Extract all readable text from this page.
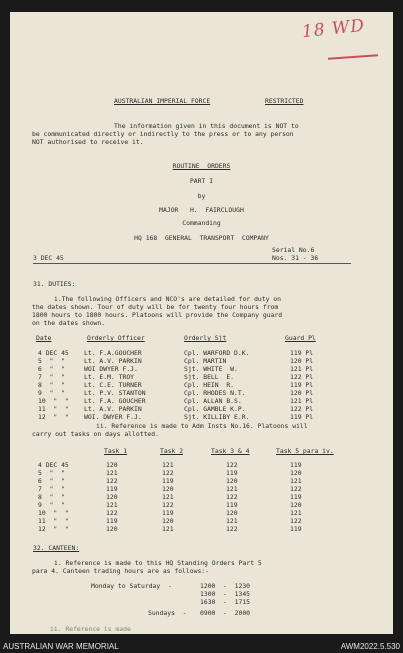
18 WD
AUSTRALIAN IMPERIAL FORCE	RESTRICTED
The information given in this document is NOT to
be communicated directly or indirectly to the press or to any person
NOT authorised to receive it.
ROUTINE  ORDERS
PART I
by
MAJOR   H.  FAIRCLOUGH
Commanding
HQ 168  GENERAL  TRANSPORT  COMPANY
Serial No.6
Nos. 31 - 36
3 DEC 45
31. DUTIES:
i.The following Officers and NCO's are detailed for duty on
the dates shown. Tour of duty will be for twenty four hours from
1800 hours to 1800 hours. Platoons will provide the Company guard
on the dates shown.
Date	Orderly Officer	Orderly Sjt	Guard Pl
4 DEC 45 Lt. F.A.GOUCHER	Cpl. WARFORD D.K.	119 Pl
5  "  "	Lt. A.V. PARKIN	Cpl. MARTIN	120 Pl
6  "  "	WOI DWYER F.J.	Sjt. WHITE  W.	121 Pl
7  "  "	Lt. E.M. TROY	Sjt. BELL  E.	122 Pl
8  "  "	Lt. C.E. TURNER	Cpl. HEIN  R.	119 Pl
9  "  "	Lt. P.V. STANTON	Cpl. RHODES N.T.	120 Pl
10  "  " Lt. F.A. GOUCHER	Cpl. ALLAN B.S.	121 Pl
11  "  " Lt. A.V. PARKIN	Cpl. GAMBLE K.P.	122 Pl
12  "  " WOI. DWYER F.J.	Sjt. KILLIBY E.R.	119 Pl
ii. Reference is made to Adm Insts No.16. Platoons will
carry out tasks on days allotted.
Task 1	Task 2	Task 3 & 4	Task 5 para iv.
4 DEC 45	120	121	122	119
5  "  "	121	122	119	120
6  "  "	122	119	120	121
7  "  "	119	120	121	122
8  "  "	120	121	122	119
9  "  "	121	122	119	120
10  "  "	122	119	120	121
11  "  "	119	120	121	122
12  "  "	120	121	122	119
32. CANTEEN:
i. Reference is made to this HQ Standing Orders Part 5
para 4. Canteen trading hours are as follows:-
Monday to Saturday  -	1200  -  1230
1300  -  1345
1630  -  1715
Sundays  - 0900  -  2000
ii. Reference is made
AUSTRALIAN WAR MEMORIAL	AWM2022.5.530
